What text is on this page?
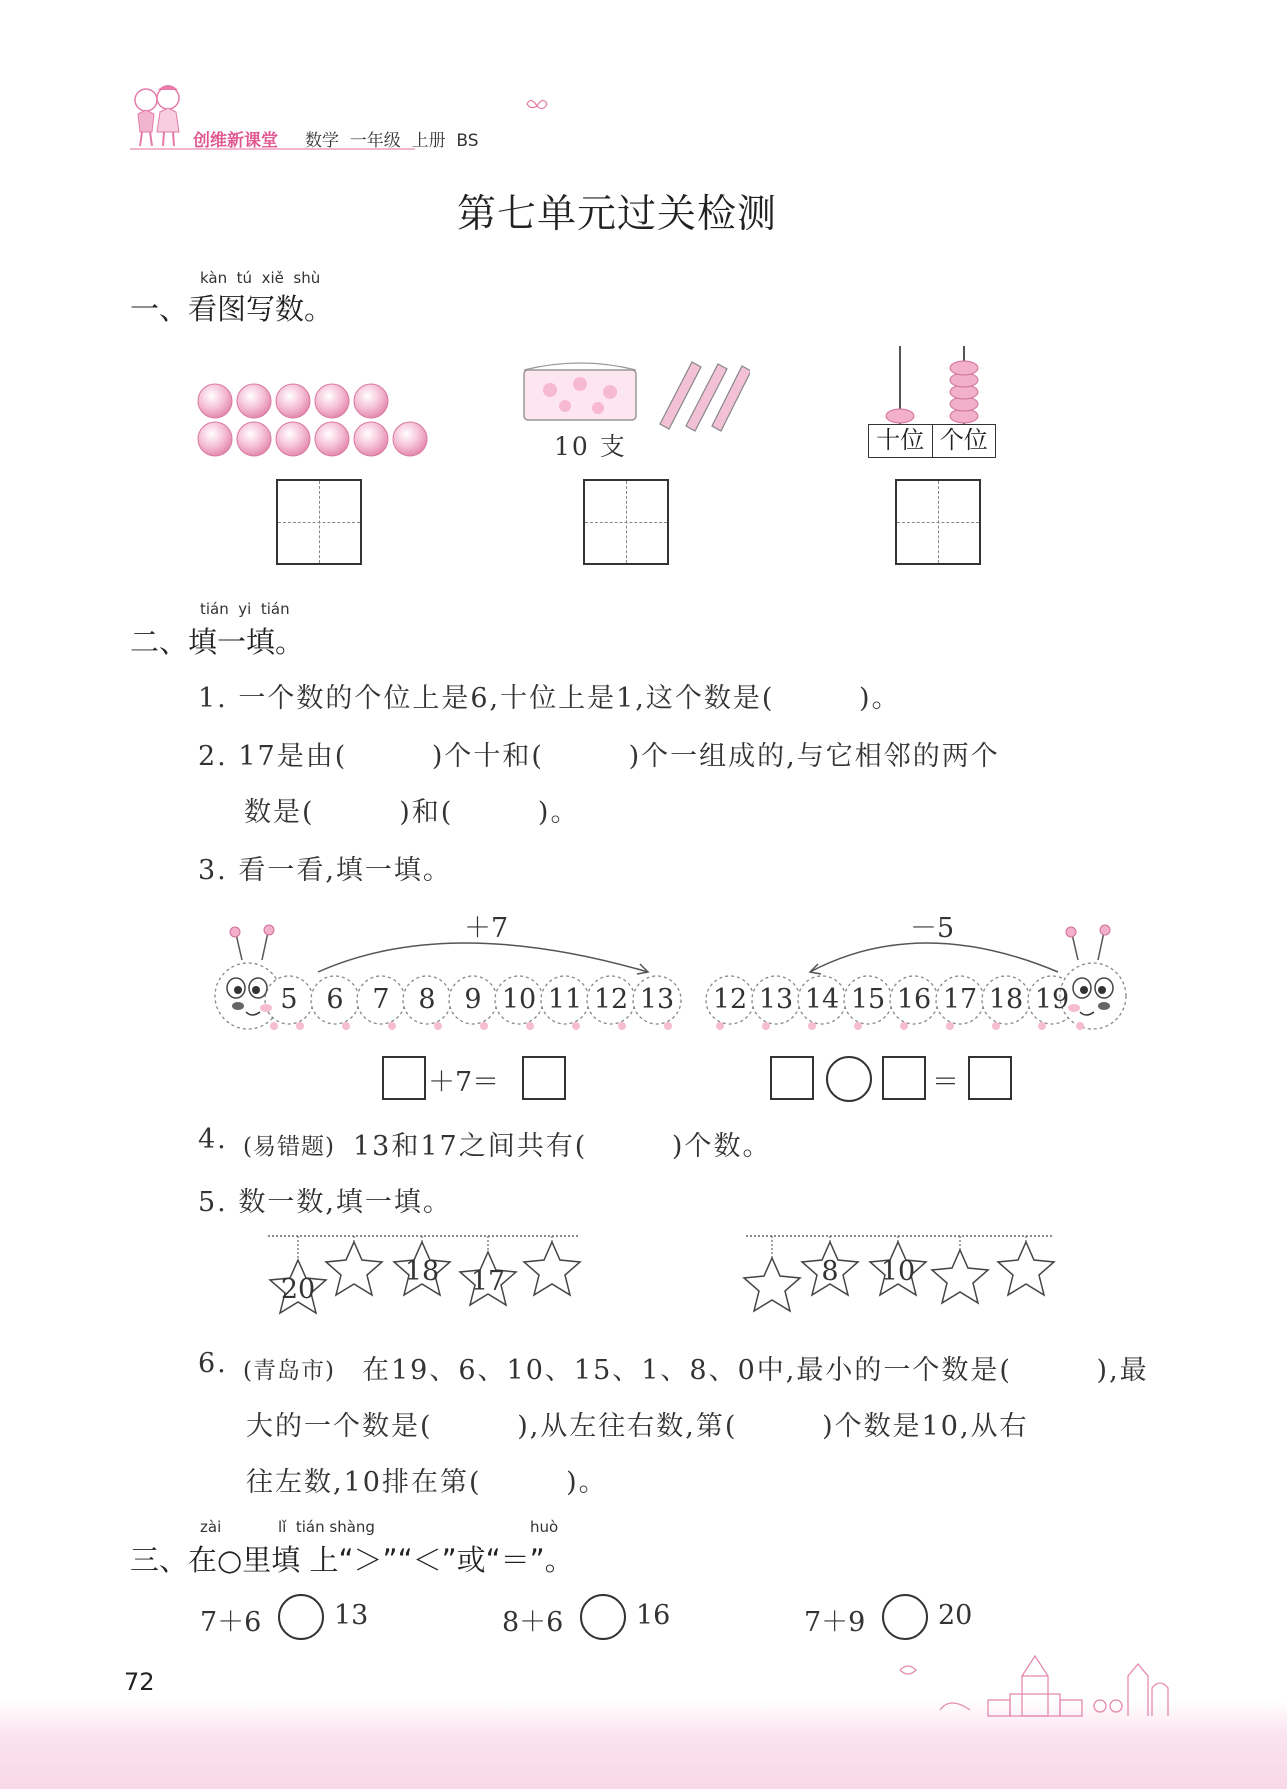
创维新课堂 数学  一年级  上册  BS
第七单元过关检测
kàn  tú  xiě  shù
一、看图写数。
10 支	十位 个位
tián  yi  tián
二、填一填。
1. 一个数的个位上是6,十位上是1,这个数是(        )。
2. 17是由(        )个十和(        )个一组成的,与它相邻的两个
数是(        )和(        )。
3. 看一看,填一填。
＋7
5	6	7	8	9 10 11 12 13
－5
12 13 14 15 16 17 18 19
＋7＝	＝
4. (易错题) 13和17之间共有(        )个数。
5. 数一数,填一填。
20
18 17	8	10
6. (青岛市) 在19、6、10、15、1、8、0中,最小的一个数是(        ),最
大的一个数是(        ),从左往右数,第(        )个数是10,从右
往左数,10排在第(        )。
zài	lǐ  tián shàng	huò
三、在○里填 上“＞”“＜”或“＝”。
7＋6	13	8＋6	16	7＋9	20
72
